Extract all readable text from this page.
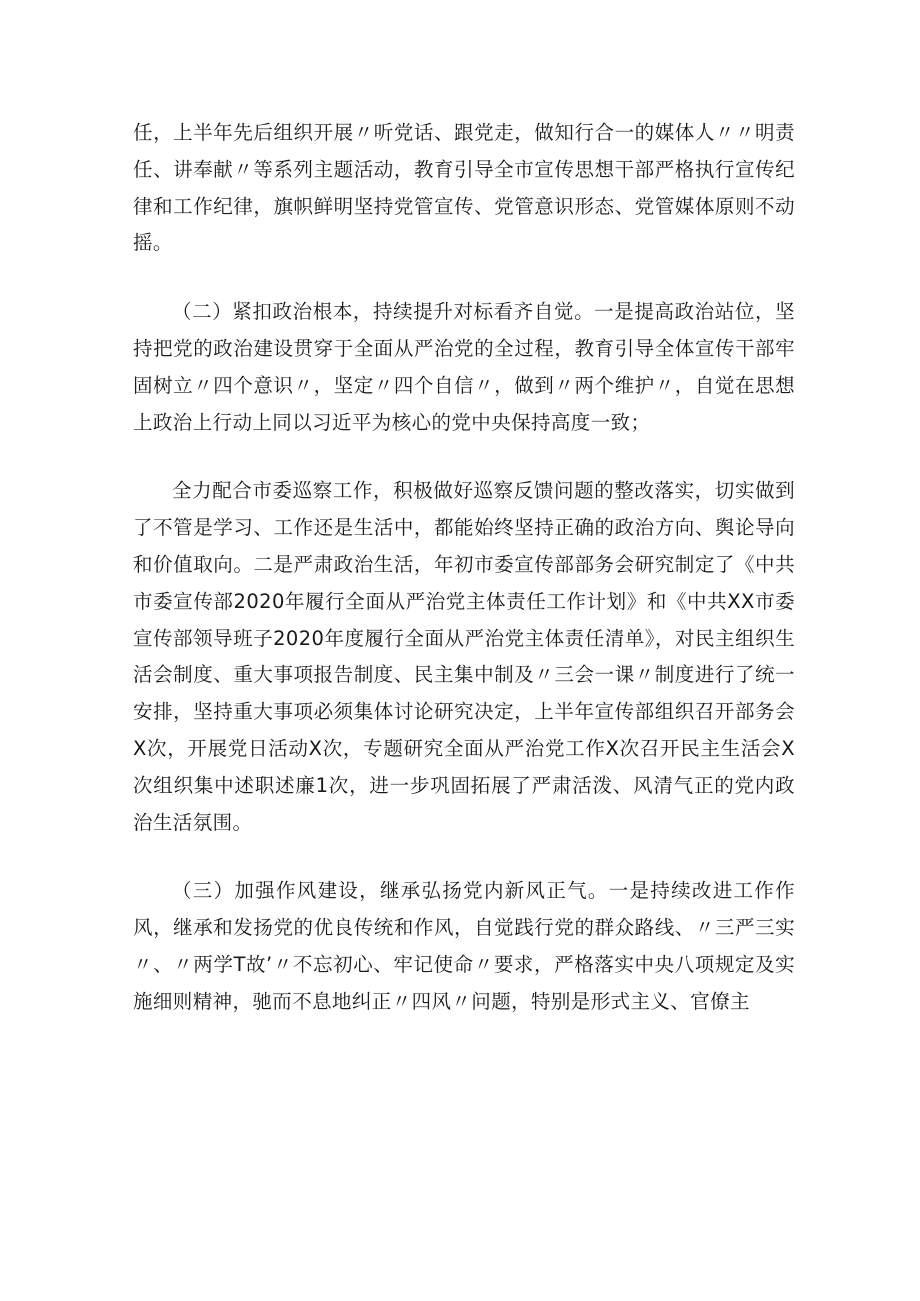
任，上半年先后组织开展〃听党话、跟党走，做知行合一的媒体人〃〃明责任、讲奉献〃等系列主题活动，教育引导全市宣传思想干部严格执行宣传纪律和工作纪律，旗帜鲜明坚持党管宣传、党管意识形态、党管媒体原则不动摇。

（二）紧扣政治根本，持续提升对标看齐自觉。一是提高政治站位，坚持把党的政治建设贯穿于全面从严治党的全过程，教育引导全体宣传干部牢固树立〃四个意识〃，坚定〃四个自信〃，做到〃两个维护〃，自觉在思想上政治上行动上同以习近平为核心的党中央保持高度一致；

全力配合市委巡察工作，积极做好巡察反馈问题的整改落实，切实做到了不管是学习、工作还是生活中，都能始终坚持正确的政治方向、舆论导向和价值取向。二是严肃政治生活，年初市委宣传部部务会研究制定了《中共市委宣传部2020年履行全面从严治党主体责任工作计划》和《中共XX市委宣传部领导班子2020年度履行全面从严治党主体责任清单》，对民主组织生活会制度、重大事项报告制度、民主集中制及〃三会一课〃制度进行了统一安排，坚持重大事项必须集体讨论研究决定，上半年宣传部组织召开部务会X次，开展党日活动X次，专题研究全面从严治党工作X次召开民主生活会X次组织集中述职述廉1次，进一步巩固拓展了严肃活泼、风清气正的党内政治生活氛围。

（三）加强作风建设，继承弘扬党内新风正气。一是持续改进工作作风，继承和发扬党的优良传统和作风，自觉践行党的群众路线、〃三严三实〃、〃两学T故’〃不忘初心、牢记使命〃要求，严格落实中央八项规定及实施细则精神，驰而不息地纠正〃四风〃问题，特别是形式主义、官僚主
